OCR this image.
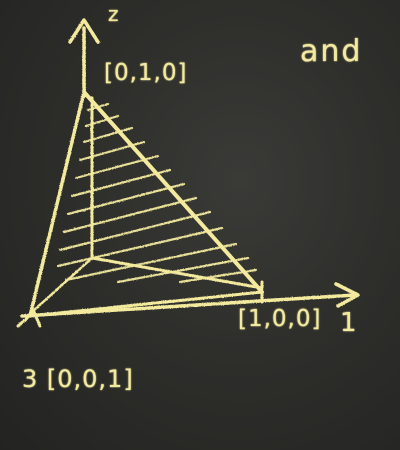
z
[0,1,0]
and
[1,0,0] 1
3 [0,0,1]
